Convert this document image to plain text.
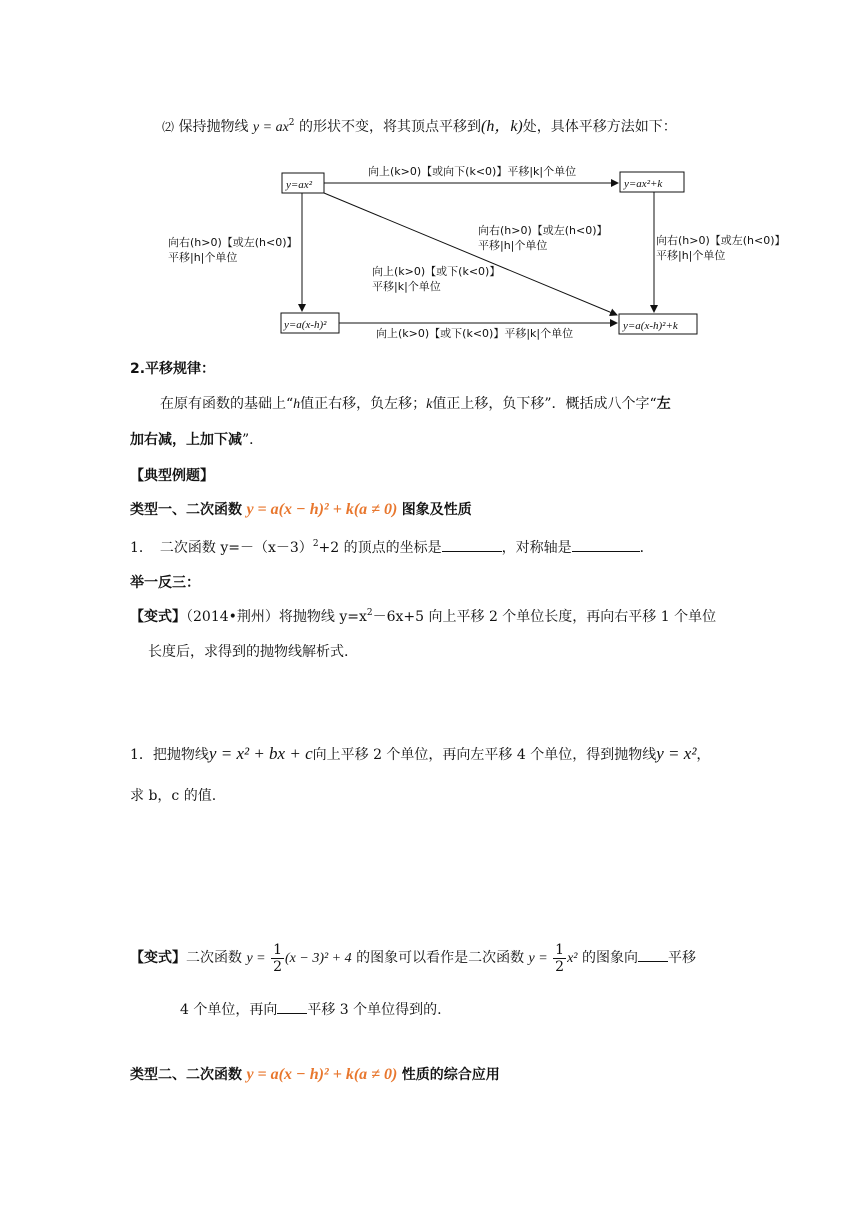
⑵ 保持抛物线 $y = ax^2$ 的形状不变，将其顶点平移到(h，k)处，具体平移方法如下：
y=ax²	y=ax²+k
y=a(x-h)²	y=a(x-h)²+k
向上(k>0)【或向下(k<0)】平移|k|个单位
向右(h>0)【或左(h<0)】
平移|h|个单位
向右(h>0)【或左(h<0)】
平移|h|个单位
向上(k>0)【或下(k<0)】
平移|k|个单位
向右(h>0)【或左(h<0)】
平移|h|个单位
向上(k>0)【或下(k<0)】平移|k|个单位
2.平移规律：
在原有函数的基础上“h值正右移，负左移；k值正上移，负下移”．概括成八个字“左
加右减，上加下减”．
【典型例题】
类型一、二次函数 y = a(x − h)² + k(a ≠ 0) 图象及性质
1．　二次函数 $y=-(x-3)^2+2$ 的顶点的坐标是	，对称轴是	．
举一反三：
【变式】（2014•荆州）将抛物线 $y=x^2-6x+5$ 向上平移 2 个单位长度，再向右平移 1 个单位
长度后，求得到的抛物线解析式.
1．把抛物线y = x² + bx + c向上平移 2 个单位，再向左平移 4 个单位，得到抛物线y = x²，
求 b，c 的值.
【变式】二次函数 $y = \frac{1}{2} (x - 3)^2 + 4$ 的图象可以看作是二次函数 $y = \frac{1}{2} x^2$ 的图象向 平移
4 个单位，再向 平移 3 个单位得到的.
类型二、二次函数 y = a(x − h)² + k(a ≠ 0) 性质的综合应用
